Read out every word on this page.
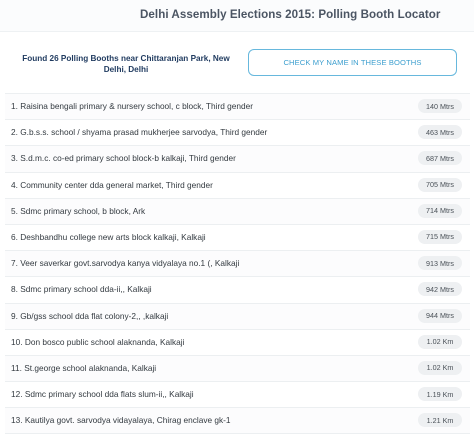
Delhi Assembly Elections 2015: Polling Booth Locator
Found 26 Polling Booths near Chittaranjan Park, New Delhi, Delhi
CHECK MY NAME IN THESE BOOTHS
1. Raisina bengali primary & nursery school, c block, Third gender	140 Mtrs
2. G.b.s.s. school / shyama prasad mukherjee sarvodya, Third gender	463 Mtrs
3. S.d.m.c. co-ed primary school block-b kalkaji, Third gender	687 Mtrs
4. Community center dda general market, Third gender	705 Mtrs
5. Sdmc primary school, b block, Ark	714 Mtrs
6. Deshbandhu college new arts block kalkaji, Kalkaji	715 Mtrs
7. Veer saverkar govt.sarvodya kanya vidyalaya no.1 (, Kalkaji	913 Mtrs
8. Sdmc primary school dda-ii,, Kalkaji	942 Mtrs
9. Gb/gss school dda flat colony-2,, ,kalkaji	944 Mtrs
10. Don bosco public school alaknanda, Kalkaji	1.02 Km
11. St.george school alaknanda, Kalkaji	1.02 Km
12. Sdmc primary school dda flats slum-ii,, Kalkaji	1.19 Km
13. Kautilya govt. sarvodya vidayalaya, Chirag enclave gk-1	1.21 Km
